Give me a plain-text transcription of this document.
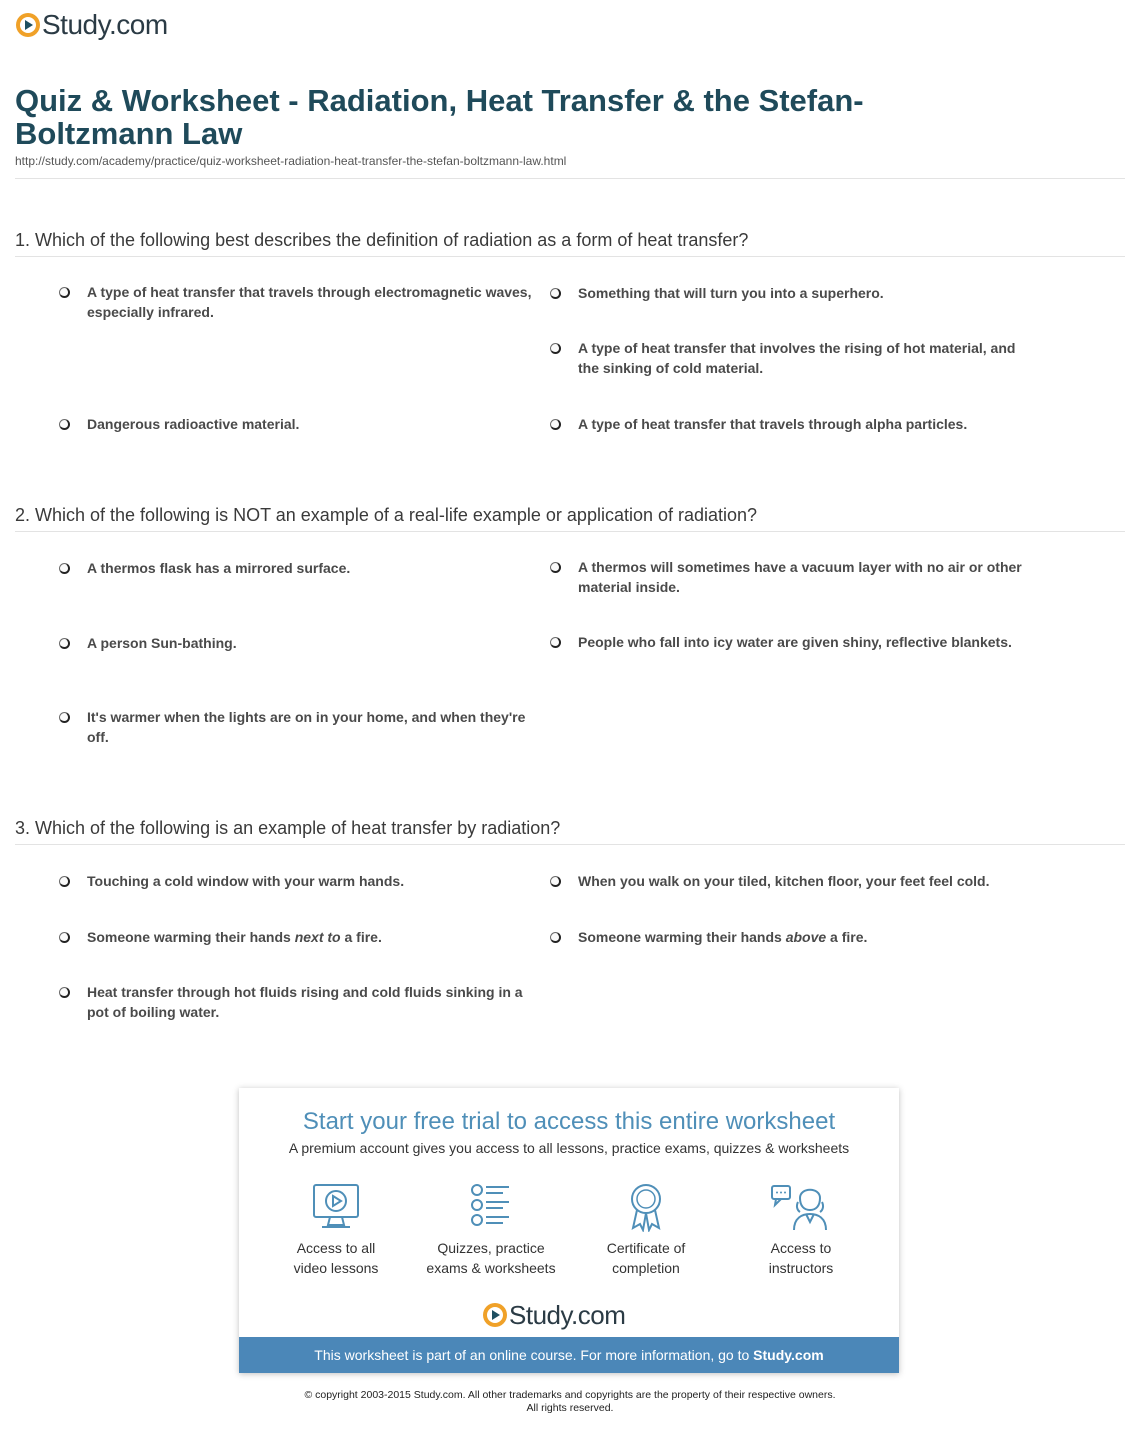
Study.com
Quiz & Worksheet - Radiation, Heat Transfer & the Stefan-Boltzmann Law
http://study.com/academy/practice/quiz-worksheet-radiation-heat-transfer-the-stefan-boltzmann-law.html
1. Which of the following best describes the definition of radiation as a form of heat transfer?
A type of heat transfer that travels through electromagnetic waves, especially infrared.
Something that will turn you into a superhero.
A type of heat transfer that involves the rising of hot material, and the sinking of cold material.
Dangerous radioactive material.	A type of heat transfer that travels through alpha particles.
2. Which of the following is NOT an example of a real-life example or application of radiation?
A thermos flask has a mirrored surface.	A thermos will sometimes have a vacuum layer with no air or other material inside.
A person Sun-bathing.	People who fall into icy water are given shiny, reflective blankets.
It's warmer when the lights are on in your home, and when they're off.
3. Which of the following is an example of heat transfer by radiation?
Touching a cold window with your warm hands.	When you walk on your tiled, kitchen floor, your feet feel cold.
Someone warming their hands next to a fire.	Someone warming their hands above a fire.
Heat transfer through hot fluids rising and cold fluids sinking in a pot of boiling water.
Start your free trial to access this entire worksheet
A premium account gives you access to all lessons, practice exams, quizzes & worksheets
Access to all
video lessons
Quizzes, practice
exams & worksheets
Certificate of
completion
Access to
instructors
Study.com
This worksheet is part of an online course. For more information, go to Study.com
© copyright 2003-2015 Study.com. All other trademarks and copyrights are the property of their respective owners.
All rights reserved.
